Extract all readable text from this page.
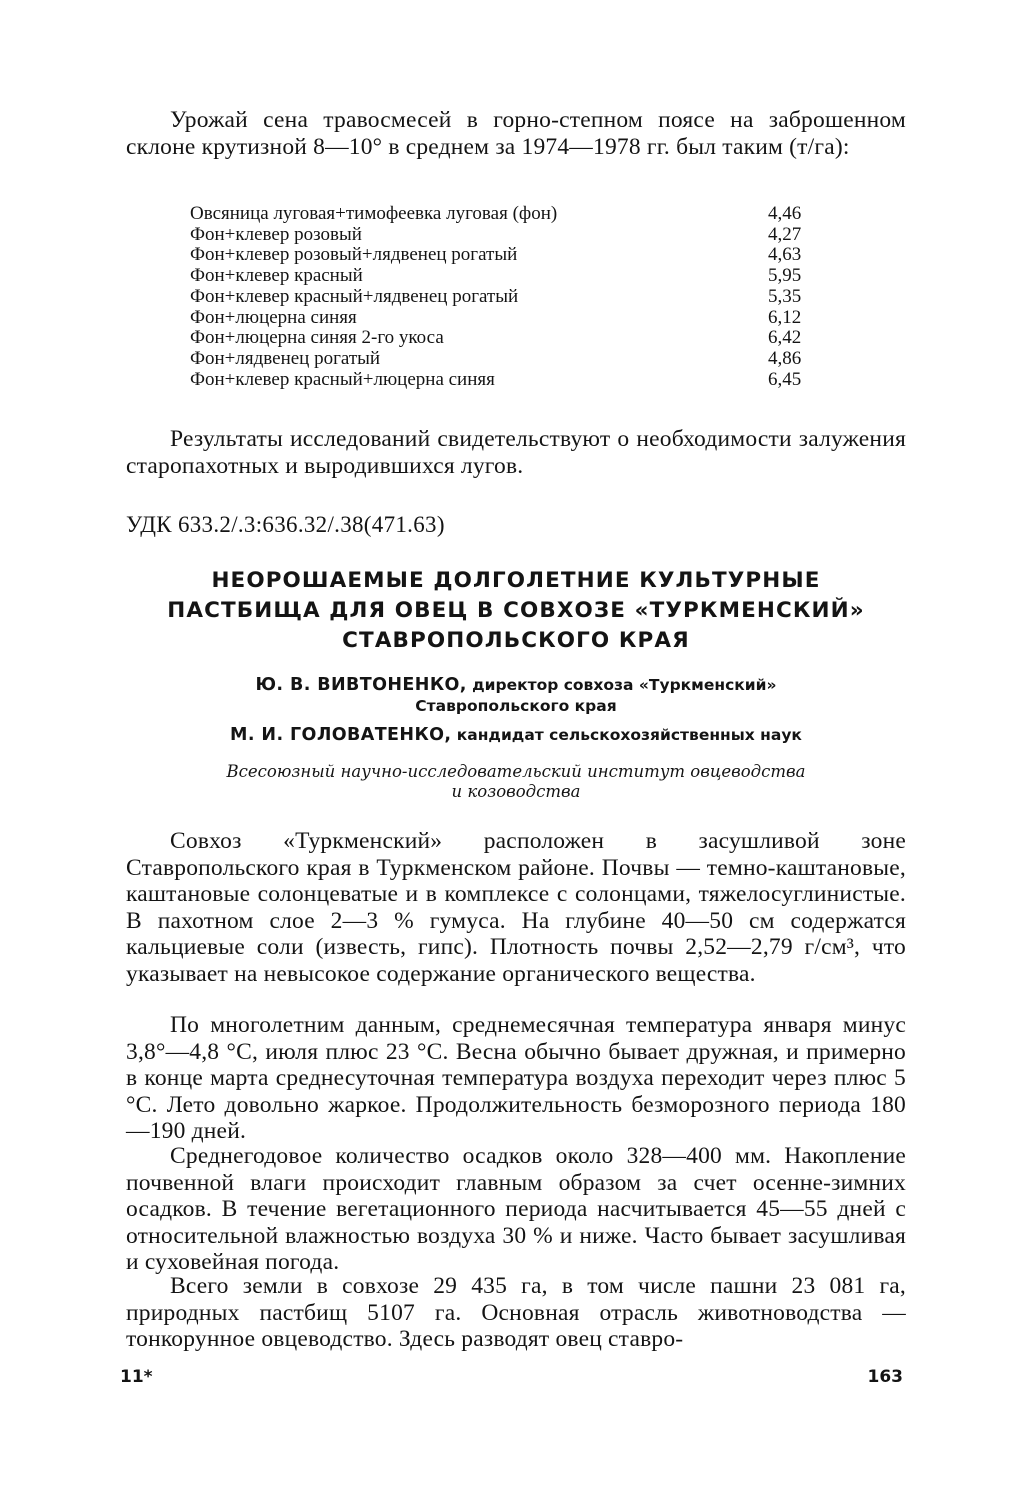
Урожай сена травосмесей в горно-степном поясе на заброшенном склоне крутизной 8—10° в среднем за 1974—1978 гг. был таким (т/га):

Овсяница луговая+тимофеевка луговая (фон)	4,46
Фон+клевер розовый	4,27
Фон+клевер розовый+лядвенец рогатый	4,63
Фон+клевер красный	5,95
Фон+клевер красный+лядвенец рогатый	5,35
Фон+люцерна синяя	6,12
Фон+люцерна синяя 2-го укоса	6,42
Фон+лядвенец рогатый	4,86
Фон+клевер красный+люцерна синяя	6,45

Результаты исследований свидетельствуют о необходимости залужения старопахотных и выродившихся лугов.

УДК 633.2/.3:636.32/.38(471.63)
НЕОРОШАЕМЫЕ ДОЛГОЛЕТНИЕ КУЛЬТУРНЫЕ
ПАСТБИЩА ДЛЯ ОВЕЦ В СОВХОЗЕ «ТУРКМЕНСКИЙ»
СТАВРОПОЛЬСКОГО КРАЯ
Ю. В. ВИВТОНЕНКО, директор совхоза «Туркменский»
Ставропольского края
М. И. ГОЛОВАТЕНКО, кандидат сельскохозяйственных наук
Всесоюзный научно-исследовательский институт овцеводства
и козоводства

Совхоз «Туркменский» расположен в засушливой зоне Ставропольского края в Туркменском районе. Почвы — темно-каштановые, каштановые солонцеватые и в комплексе с солонцами, тяжелосуглинистые. В пахотном слое 2—3 % гумуса. На глубине 40—50 см содержатся кальциевые соли (известь, гипс). Плотность почвы 2,52—2,79 г/см³, что указывает на невысокое содержание органического вещества.

По многолетним данным, среднемесячная температура января минус 3,8°—4,8 °С, июля плюс 23 °С. Весна обычно бывает дружная, и примерно в конце марта среднесуточная температура воздуха переходит через плюс 5 °С. Лето довольно жаркое. Продолжительность безморозного периода 180—190 дней.

Среднегодовое количество осадков около 328—400 мм. Накопление почвенной влаги происходит главным образом за счет осенне-зимних осадков. В течение вегетационного периода насчитывается 45—55 дней с относительной влажностью воздуха 30 % и ниже. Часто бывает засушливая и суховейная погода.

Всего земли в совхозе 29 435 га, в том числе пашни 23 081 га, природных пастбищ 5107 га. Основная отрасль животноводства — тонкорунное овцеводство. Здесь разводят овец ставро-

11*	163
